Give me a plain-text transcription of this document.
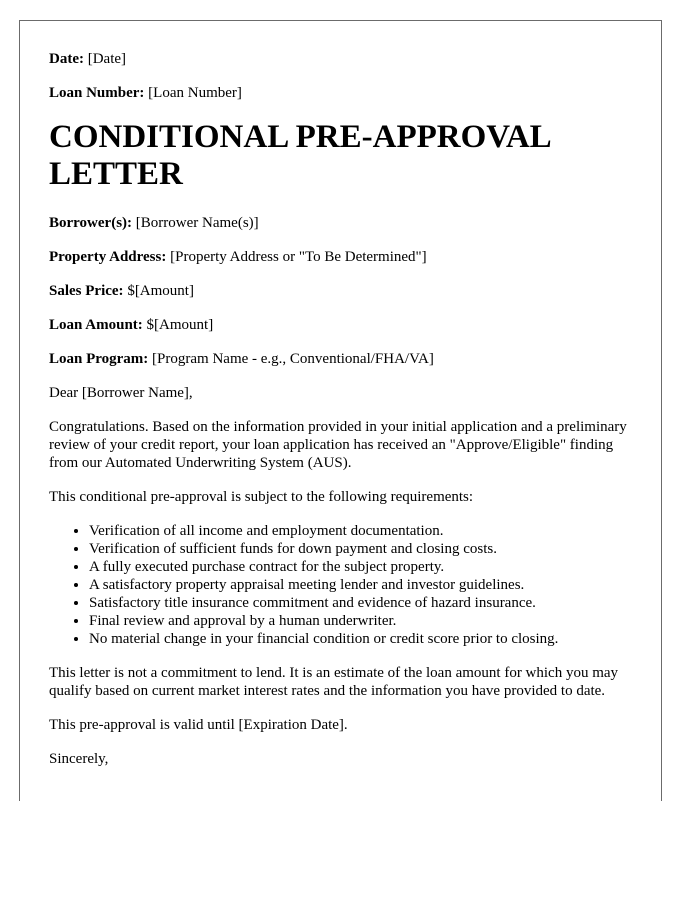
Date: [Date]
Loan Number: [Loan Number]
CONDITIONAL PRE-APPROVAL LETTER
Borrower(s): [Borrower Name(s)]
Property Address: [Property Address or "To Be Determined"]
Sales Price: $[Amount]
Loan Amount: $[Amount]
Loan Program: [Program Name - e.g., Conventional/FHA/VA]

Dear [Borrower Name],

Congratulations. Based on the information provided in your initial application and a preliminary review of your credit report, your loan application has received an "Approve/Eligible" finding from our Automated Underwriting System (AUS).

This conditional pre-approval is subject to the following requirements:

• Verification of all income and employment documentation.
• Verification of sufficient funds for down payment and closing costs.
• A fully executed purchase contract for the subject property.
• A satisfactory property appraisal meeting lender and investor guidelines.
• Satisfactory title insurance commitment and evidence of hazard insurance.
• Final review and approval by a human underwriter.
• No material change in your financial condition or credit score prior to closing.

This letter is not a commitment to lend. It is an estimate of the loan amount for which you may qualify based on current market interest rates and the information you have provided to date.

This pre-approval is valid until [Expiration Date].

Sincerely,
